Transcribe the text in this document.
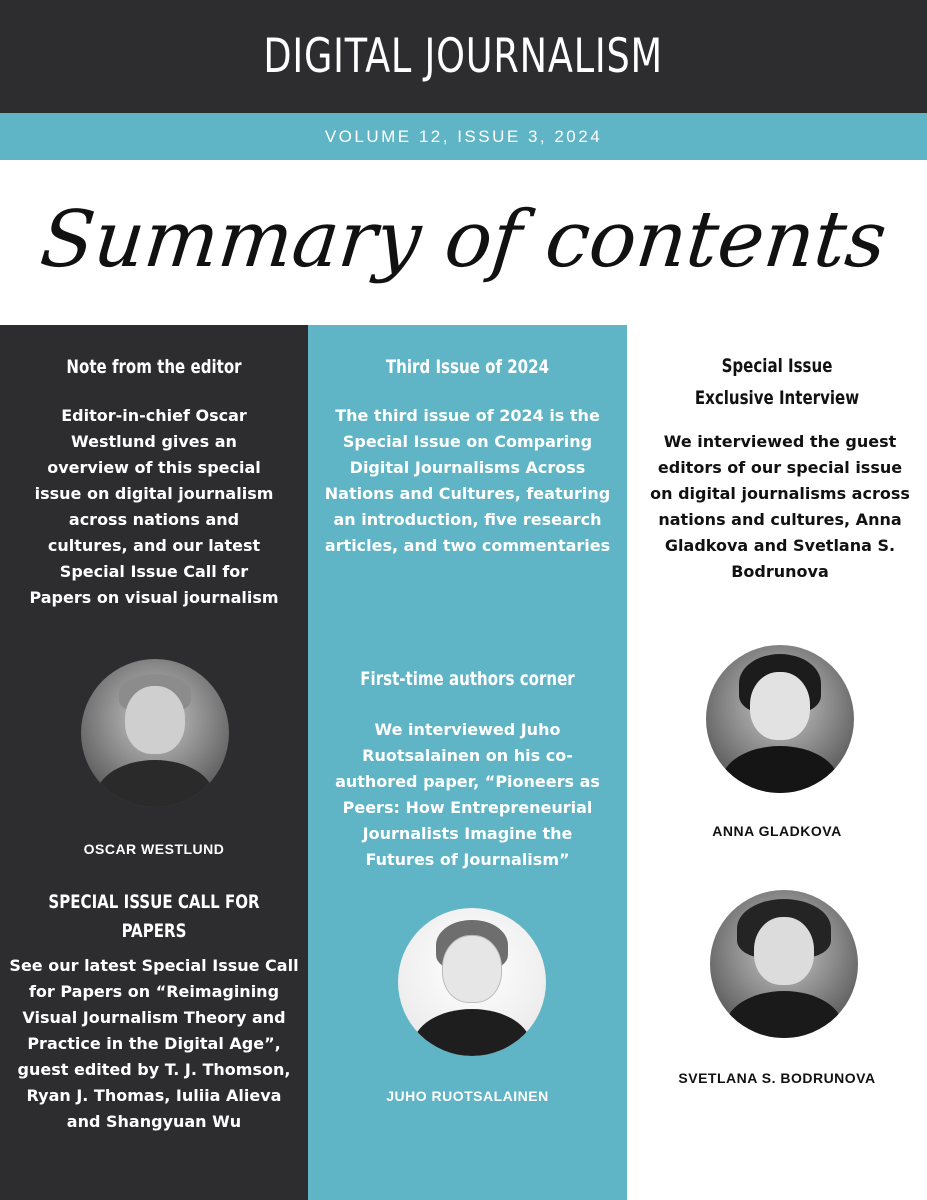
DIGITAL JOURNALISM
VOLUME 12, ISSUE 3, 2024
Summary of contents
Note from the editor
Editor-in-chief Oscar Westlund gives an overview of this special issue on digital journalism across nations and cultures, and our latest Special Issue Call for Papers on visual journalism
OSCAR WESTLUND
SPECIAL ISSUE CALL FOR PAPERS
See our latest Special Issue Call for Papers on “Reimagining Visual Journalism Theory and Practice in the Digital Age”, guest edited by T. J. Thomson, Ryan J. Thomas, Iuliia Alieva and Shangyuan Wu
Third Issue of 2024
The third issue of 2024 is the Special Issue on Comparing Digital Journalisms Across Nations and Cultures, featuring an introduction, five research articles, and two commentaries
First-time authors corner
We interviewed Juho Ruotsalainen on his co-authored paper, “Pioneers as Peers: How Entrepreneurial Journalists Imagine the Futures of Journalism”
JUHO RUOTSALAINEN
Special Issue
Exclusive Interview
We interviewed the guest editors of our special issue on digital journalisms across nations and cultures, Anna Gladkova and Svetlana S. Bodrunova
ANNA GLADKOVA
SVETLANA S. BODRUNOVA
